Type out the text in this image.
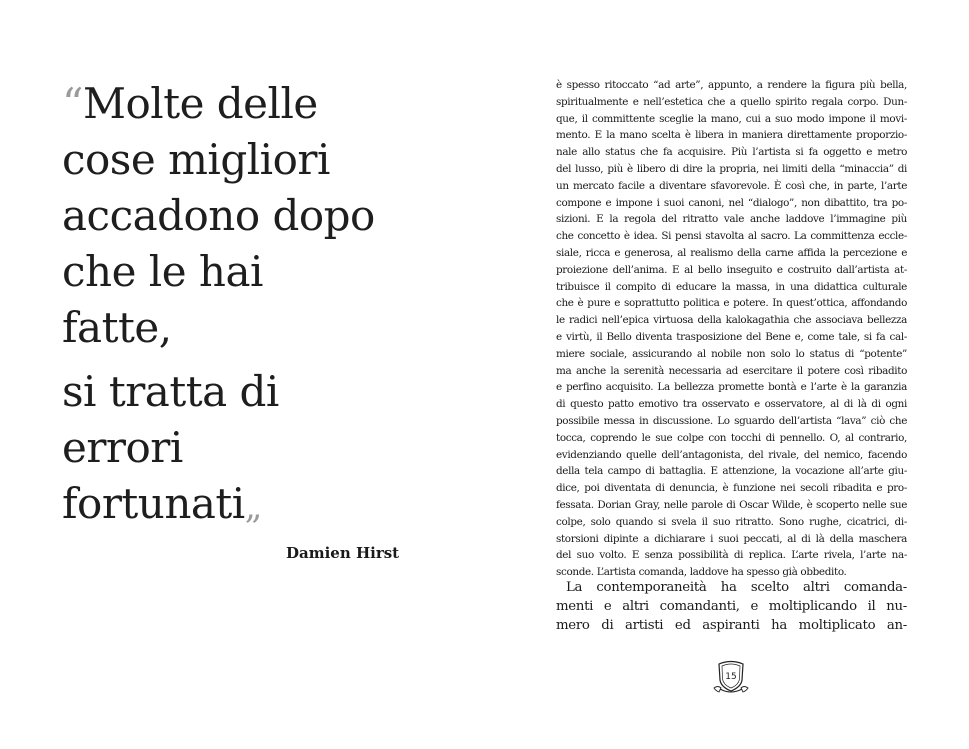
“Molte delle
cose migliori
accadono dopo
che le hai
fatte,
si tratta di
errori
fortunati„
Damien Hirst
è spesso ritoccato “ad arte”, appunto, a rendere la figura più bella,
spiritualmente e nell’estetica che a quello spirito regala corpo. Dun-
que, il committente sceglie la mano, cui a suo modo impone il movi-
mento. E la mano scelta è libera in maniera direttamente proporzio-
nale allo status che fa acquisire. Più l’artista si fa oggetto e metro
del lusso, più è libero di dire la propria, nei limiti della “minaccia” di
un mercato facile a diventare sfavorevole. È così che, in parte, l’arte
compone e impone i suoi canoni, nel “dialogo”, non dibattito, tra po-
sizioni. E la regola del ritratto vale anche laddove l’immagine più
che concetto è idea. Si pensi stavolta al sacro. La committenza eccle-
siale, ricca e generosa, al realismo della carne affida la percezione e
proiezione dell’anima. E al bello inseguito e costruito dall’artista at-
tribuisce il compito di educare la massa, in una didattica culturale
che è pure e soprattutto politica e potere. In quest’ottica, affondando
le radici nell’epica virtuosa della kalokagathia che associava bellezza
e virtù, il Bello diventa trasposizione del Bene e, come tale, si fa cal-
miere sociale, assicurando al nobile non solo lo status di “potente”
ma anche la serenità necessaria ad esercitare il potere così ribadito
e perfino acquisito. La bellezza promette bontà e l’arte è la garanzia
di questo patto emotivo tra osservato e osservatore, al di là di ogni
possibile messa in discussione. Lo sguardo dell’artista “lava” ciò che
tocca, coprendo le sue colpe con tocchi di pennello. O, al contrario,
evidenziando quelle dell’antagonista, del rivale, del nemico, facendo
della tela campo di battaglia. E attenzione, la vocazione all’arte giu-
dice, poi diventata di denuncia, è funzione nei secoli ribadita e pro-
fessata. Dorian Gray, nelle parole di Oscar Wilde, è scoperto nelle sue
colpe, solo quando si svela il suo ritratto. Sono rughe, cicatrici, di-
storsioni dipinte a dichiarare i suoi peccati, al di là della maschera
del suo volto. E senza possibilità di replica. L’arte rivela, l’arte na-
sconde. L’artista comanda, laddove ha spesso già obbedito.
La contemporaneità ha scelto altri comanda-
menti e altri comandanti, e moltiplicando il nu-
mero di artisti ed aspiranti ha moltiplicato an-
15
